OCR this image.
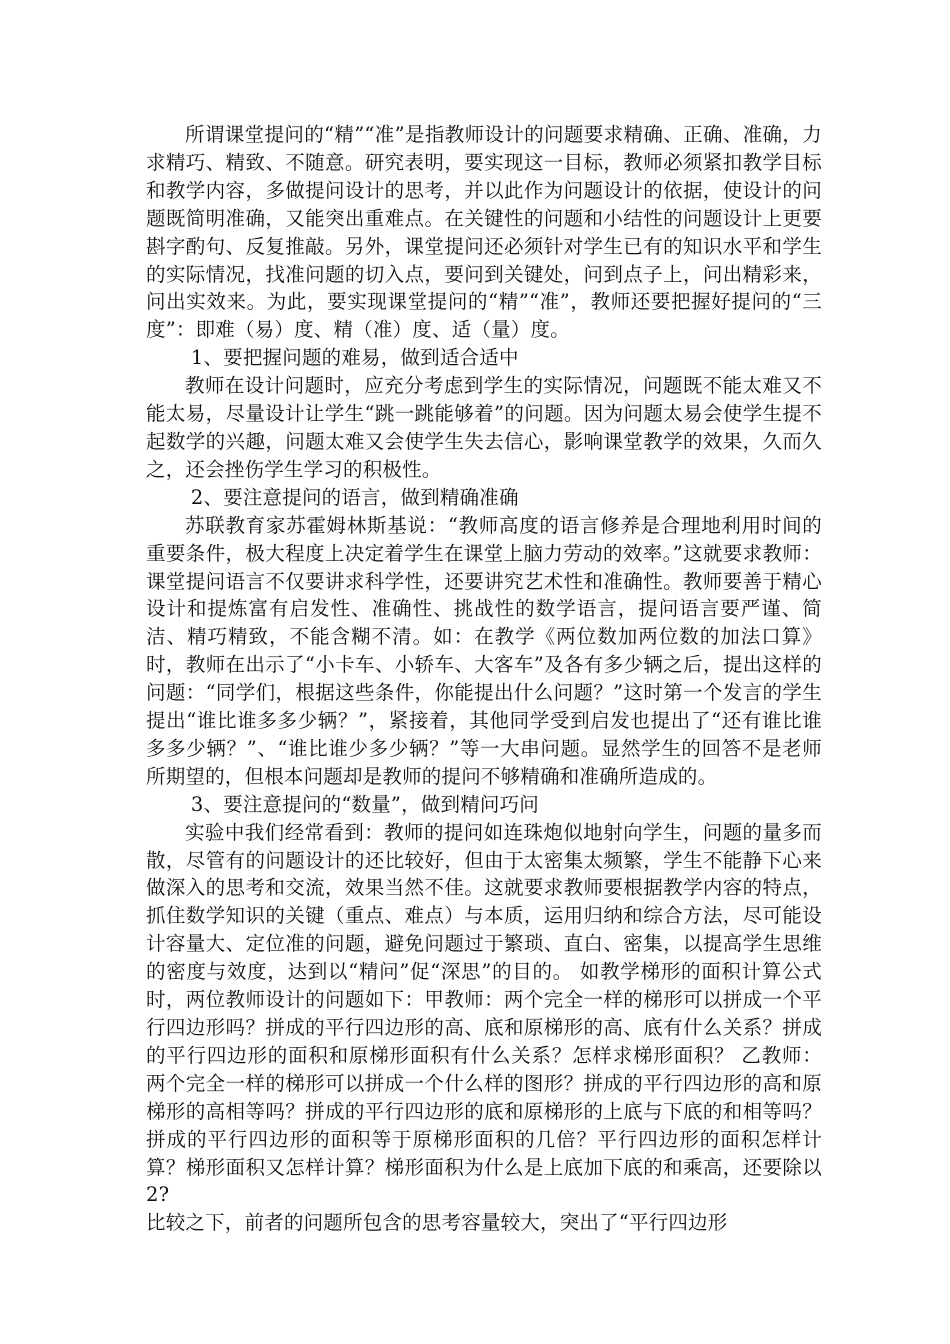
所谓课堂提问的“精”“准”是指教师设计的问题要求精确、正确、准确，力求精巧、精致、不随意。研究表明，要实现这一目标，教师必须紧扣教学目标和教学内容，多做提问设计的思考，并以此作为问题设计的依据，使设计的问题既简明准确，又能突出重难点。在关键性的问题和小结性的问题设计上更要斟字酌句、反复推敲。另外，课堂提问还必须针对学生已有的知识水平和学生的实际情况，找准问题的切入点，要问到关键处，问到点子上，问出精彩来，问出实效来。为此，要实现课堂提问的“精”“准”，教师还要把握好提问的“三度”：即难（易）度、精（准）度、适（量）度。

1、要把握问题的难易，做到适合适中

教师在设计问题时，应充分考虑到学生的实际情况，问题既不能太难又不能太易，尽量设计让学生“跳一跳能够着”的问题。因为问题太易会使学生提不起数学的兴趣，问题太难又会使学生失去信心，影响课堂教学的效果，久而久之，还会挫伤学生学习的积极性。

2、要注意提问的语言，做到精确准确

苏联教育家苏霍姆林斯基说：“教师高度的语言修养是合理地利用时间的重要条件，极大程度上决定着学生在课堂上脑力劳动的效率。”这就要求教师：课堂提问语言不仅要讲求科学性，还要讲究艺术性和准确性。教师要善于精心设计和提炼富有启发性、准确性、挑战性的数学语言，提问语言要严谨、简洁、精巧精致，不能含糊不清。如：在教学《两位数加两位数的加法口算》时，教师在出示了“小卡车、小轿车、大客车”及各有多少辆之后，提出这样的问题：“同学们，根据这些条件，你能提出什么问题？”这时第一个发言的学生提出“谁比谁多多少辆？”，紧接着，其他同学受到启发也提出了“还有谁比谁多多少辆？”、“谁比谁少多少辆？”等一大串问题。显然学生的回答不是老师所期望的，但根本问题却是教师的提问不够精确和准确所造成的。

3、要注意提问的“数量”，做到精问巧问

实验中我们经常看到：教师的提问如连珠炮似地射向学生，问题的量多而散，尽管有的问题设计的还比较好，但由于太密集太频繁，学生不能静下心来做深入的思考和交流，效果当然不佳。这就要求教师要根据教学内容的特点，抓住数学知识的关键（重点、难点）与本质，运用归纳和综合方法，尽可能设计容量大、定位准的问题，避免问题过于繁琐、直白、密集，以提高学生思维的密度与效度，达到以“精问”促“深思”的目的。 如教学梯形的面积计算公式时，两位教师设计的问题如下：甲教师：两个完全一样的梯形可以拼成一个平行四边形吗？拼成的平行四边形的高、底和原梯形的高、底有什么关系？拼成的平行四边形的面积和原梯形面积有什么关系？怎样求梯形面积？ 乙教师：两个完全一样的梯形可以拼成一个什么样的图形？拼成的平行四边形的高和原梯形的高相等吗？拼成的平行四边形的底和原梯形的上底与下底的和相等吗？拼成的平行四边形的面积等于原梯形面积的几倍？平行四边形的面积怎样计算？梯形面积又怎样计算？梯形面积为什么是上底加下底的和乘高，还要除以2?

比较之下，前者的问题所包含的思考容量较大，突出了“平行四边形
